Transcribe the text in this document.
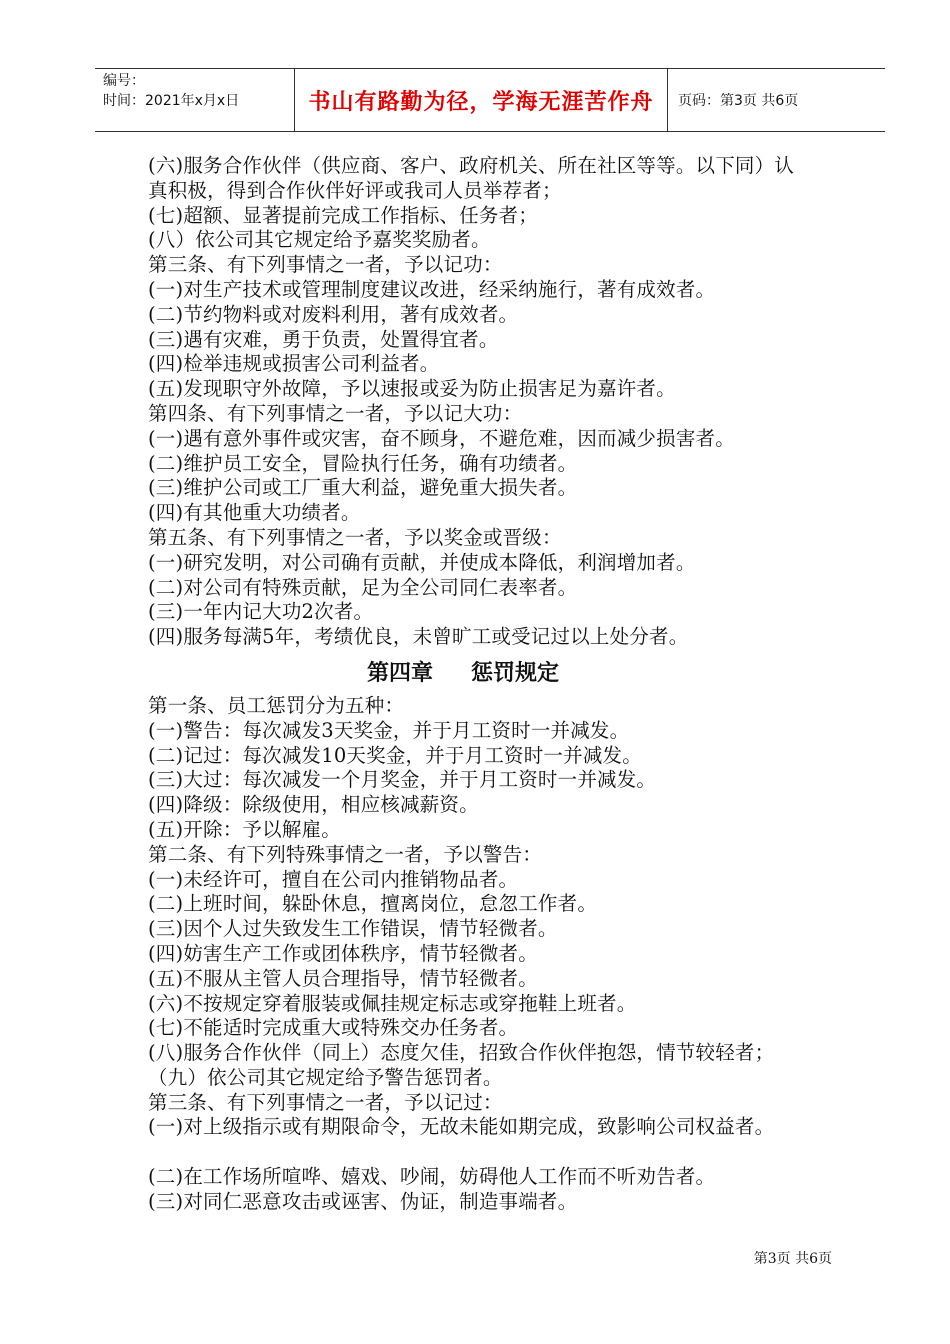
编号：
时间：2021年x月x日	书山有路勤为径，学海无涯苦作舟	页码：第3页 共6页
(六)服务合作伙伴（供应商、客户、政府机关、所在社区等等。以下同）认
真积极，得到合作伙伴好评或我司人员举荐者；
(七)超额、显著提前完成工作指标、任务者；
(八）依公司其它规定给予嘉奖奖励者。
第三条、有下列事情之一者，予以记功：
(一)对生产技术或管理制度建议改进，经采纳施行，著有成效者。
(二)节约物料或对废料利用，著有成效者。
(三)遇有灾难，勇于负责，处置得宜者。
(四)检举违规或损害公司利益者。
(五)发现职守外故障，予以速报或妥为防止损害足为嘉许者。
第四条、有下列事情之一者，予以记大功：
(一)遇有意外事件或灾害，奋不顾身，不避危难，因而减少损害者。
(二)维护员工安全，冒险执行任务，确有功绩者。
(三)维护公司或工厂重大利益，避免重大损失者。
(四)有其他重大功绩者。
第五条、有下列事情之一者，予以奖金或晋级：
(一)研究发明，对公司确有贡献，并使成本降低，利润增加者。
(二)对公司有特殊贡献，足为全公司同仁表率者。
(三)一年内记大功2次者。
(四)服务每满5年，考绩优良，未曾旷工或受记过以上处分者。
第四章 惩罚规定
第一条、员工惩罚分为五种：
(一)警告：每次减发3天奖金，并于月工资时一并减发。
(二)记过：每次减发10天奖金，并于月工资时一并减发。
(三)大过：每次减发一个月奖金，并于月工资时一并减发。
(四)降级：除级使用，相应核减薪资。
(五)开除：予以解雇。
第二条、有下列特殊事情之一者，予以警告：
(一)未经许可，擅自在公司内推销物品者。
(二)上班时间，躲卧休息，擅离岗位，怠忽工作者。
(三)因个人过失致发生工作错误，情节轻微者。
(四)妨害生产工作或团体秩序，情节轻微者。
(五)不服从主管人员合理指导，情节轻微者。
(六)不按规定穿着服装或佩挂规定标志或穿拖鞋上班者。
(七)不能适时完成重大或特殊交办任务者。
(八)服务合作伙伴（同上）态度欠佳，招致合作伙伴抱怨，情节较轻者；
（九）依公司其它规定给予警告惩罚者。
第三条、有下列事情之一者，予以记过：
(一)对上级指示或有期限命令，无故未能如期完成，致影响公司权益者。
(二)在工作场所喧哗、嬉戏、吵闹，妨碍他人工作而不听劝告者。
(三)对同仁恶意攻击或诬害、伪证，制造事端者。
第3页 共6页
